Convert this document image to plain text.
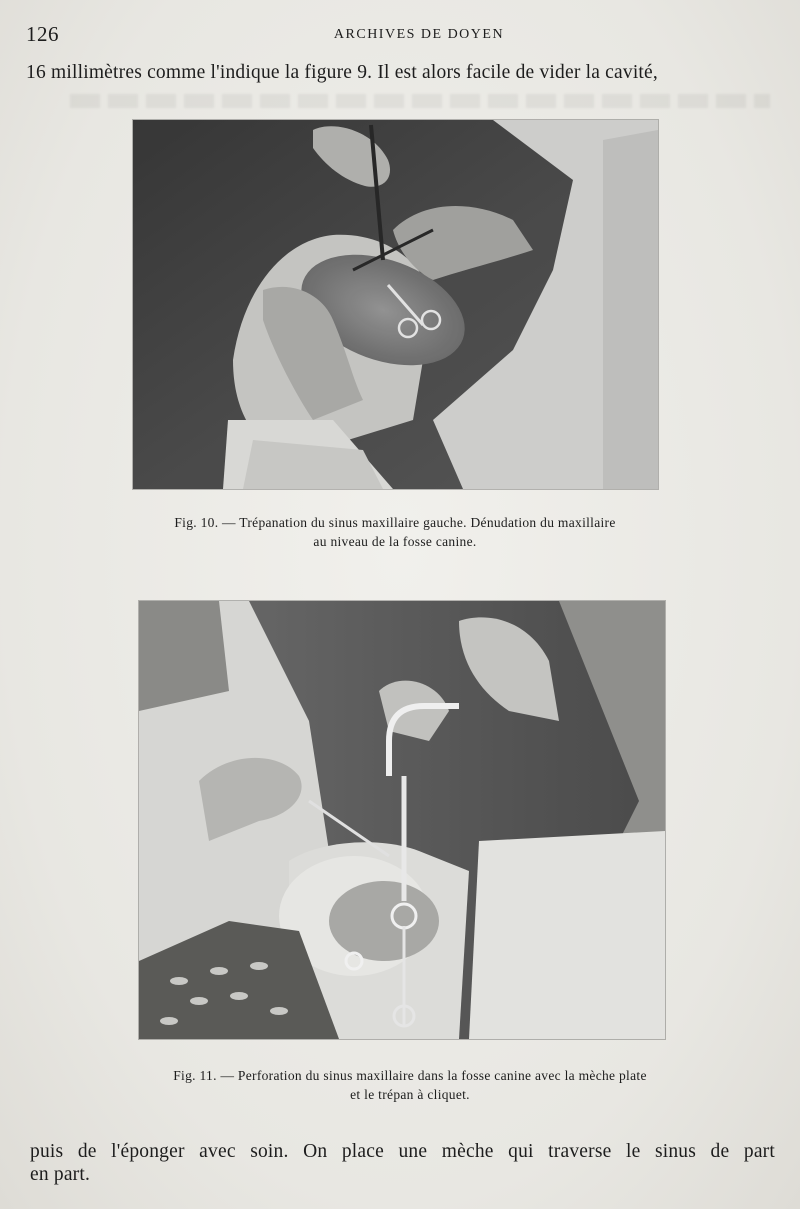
126	ARCHIVES DE DOYEN
16 millimètres comme l'indique la figure 9. Il est alors facile de vider la cavité,
Fig. 10. — Trépanation du sinus maxillaire gauche. Dénudation du maxillaire
au niveau de la fosse canine.
Fig. 11. — Perforation du sinus maxillaire dans la fosse canine avec la mèche plate
et le trépan à cliquet.
puis de l'éponger avec soin. On place une mèche qui traverse le sinus de part
en part.
